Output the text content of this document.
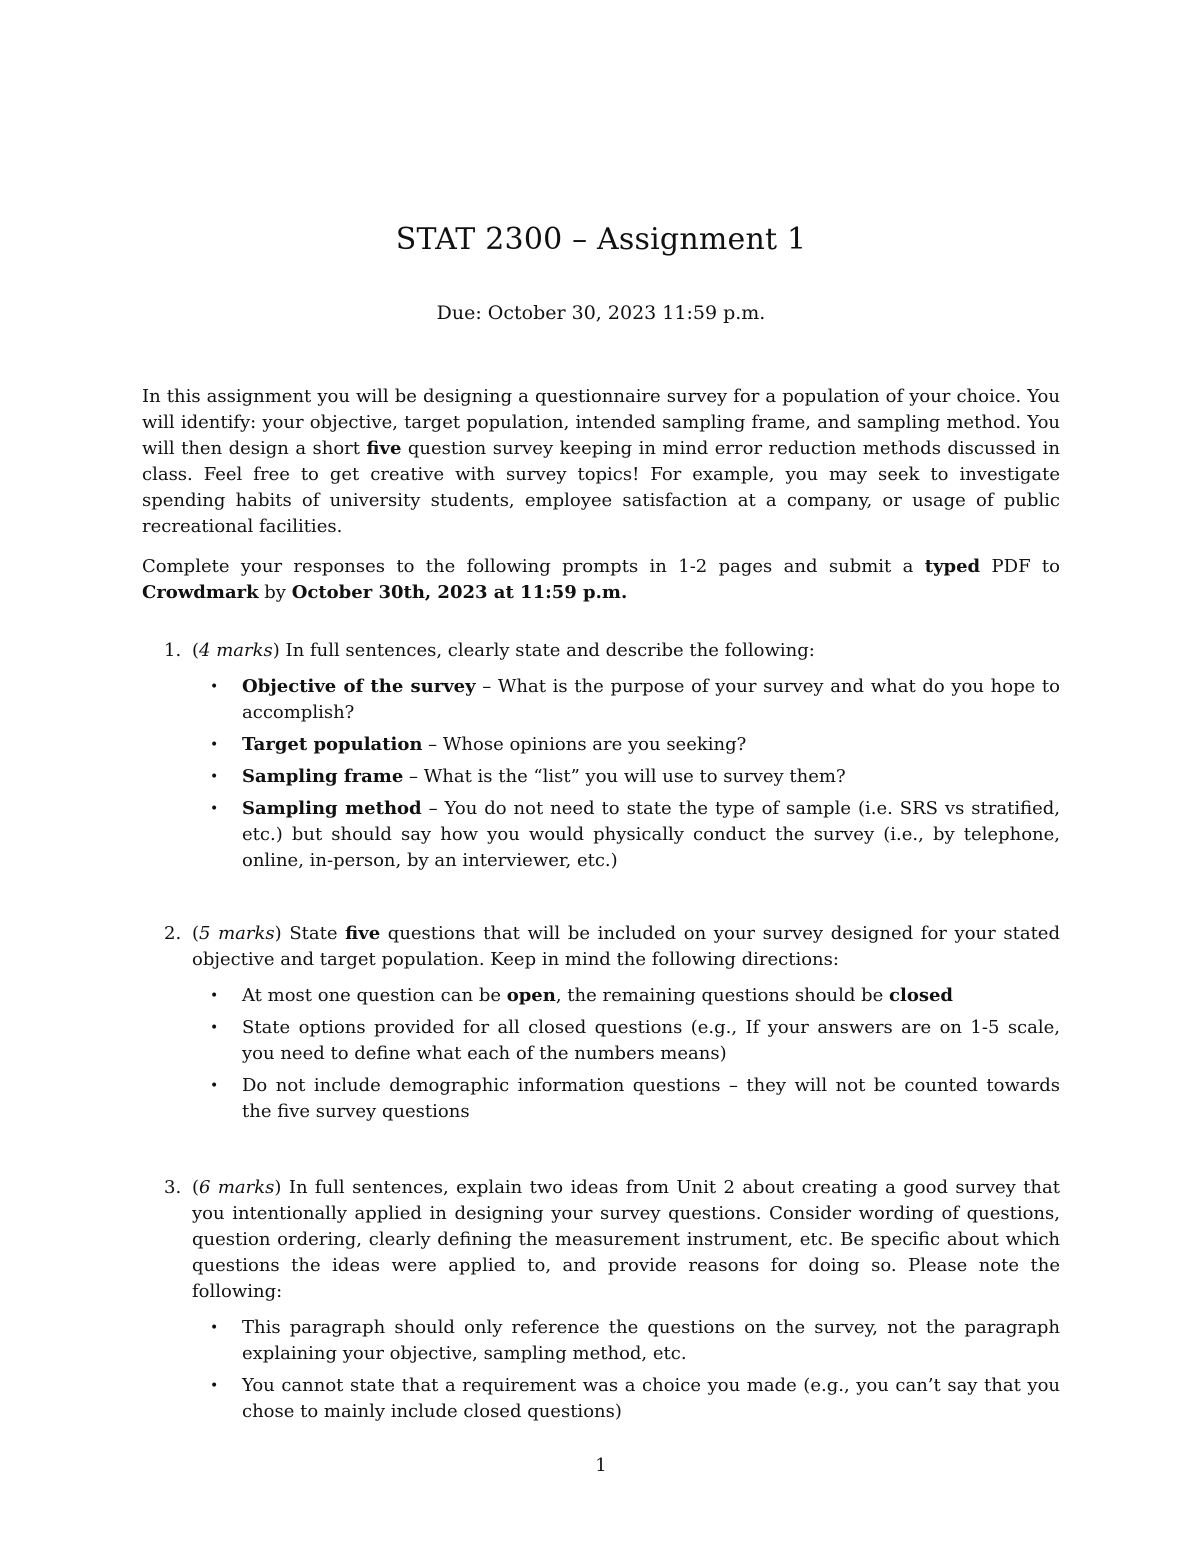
STAT 2300 – Assignment 1
Due: October 30, 2023 11:59 p.m.

In this assignment you will be designing a questionnaire survey for a population of your choice. You will identify: your objective, target population, intended sampling frame, and sampling method. You will then design a short five question survey keeping in mind error reduction methods discussed in class. Feel free to get creative with survey topics! For example, you may seek to investigate spending habits of university students, employee satisfaction at a company, or usage of public recreational facilities.

Complete your responses to the following prompts in 1-2 pages and submit a typed PDF to Crowdmark by October 30th, 2023 at 11:59 p.m.

1. (4 marks) In full sentences, clearly state and describe the following:
• Objective of the survey – What is the purpose of your survey and what do you hope to accomplish?
• Target population – Whose opinions are you seeking?
• Sampling frame – What is the “list” you will use to survey them?
• Sampling method – You do not need to state the type of sample (i.e. SRS vs stratified, etc.) but should say how you would physically conduct the survey (i.e., by telephone, online, in-person, by an interviewer, etc.)
2. (5 marks) State five questions that will be included on your survey designed for your stated objective and target population. Keep in mind the following directions:
• At most one question can be open, the remaining questions should be closed
• State options provided for all closed questions (e.g., If your answers are on 1-5 scale, you need to define what each of the numbers means)
• Do not include demographic information questions – they will not be counted towards the five survey questions
3. (6 marks) In full sentences, explain two ideas from Unit 2 about creating a good survey that you intentionally applied in designing your survey questions. Consider wording of questions, question ordering, clearly defining the measurement instrument, etc. Be specific about which questions the ideas were applied to, and provide reasons for doing so. Please note the following:
• This paragraph should only reference the questions on the survey, not the paragraph explaining your objective, sampling method, etc.
• You cannot state that a requirement was a choice you made (e.g., you can’t say that you chose to mainly include closed questions)
1
